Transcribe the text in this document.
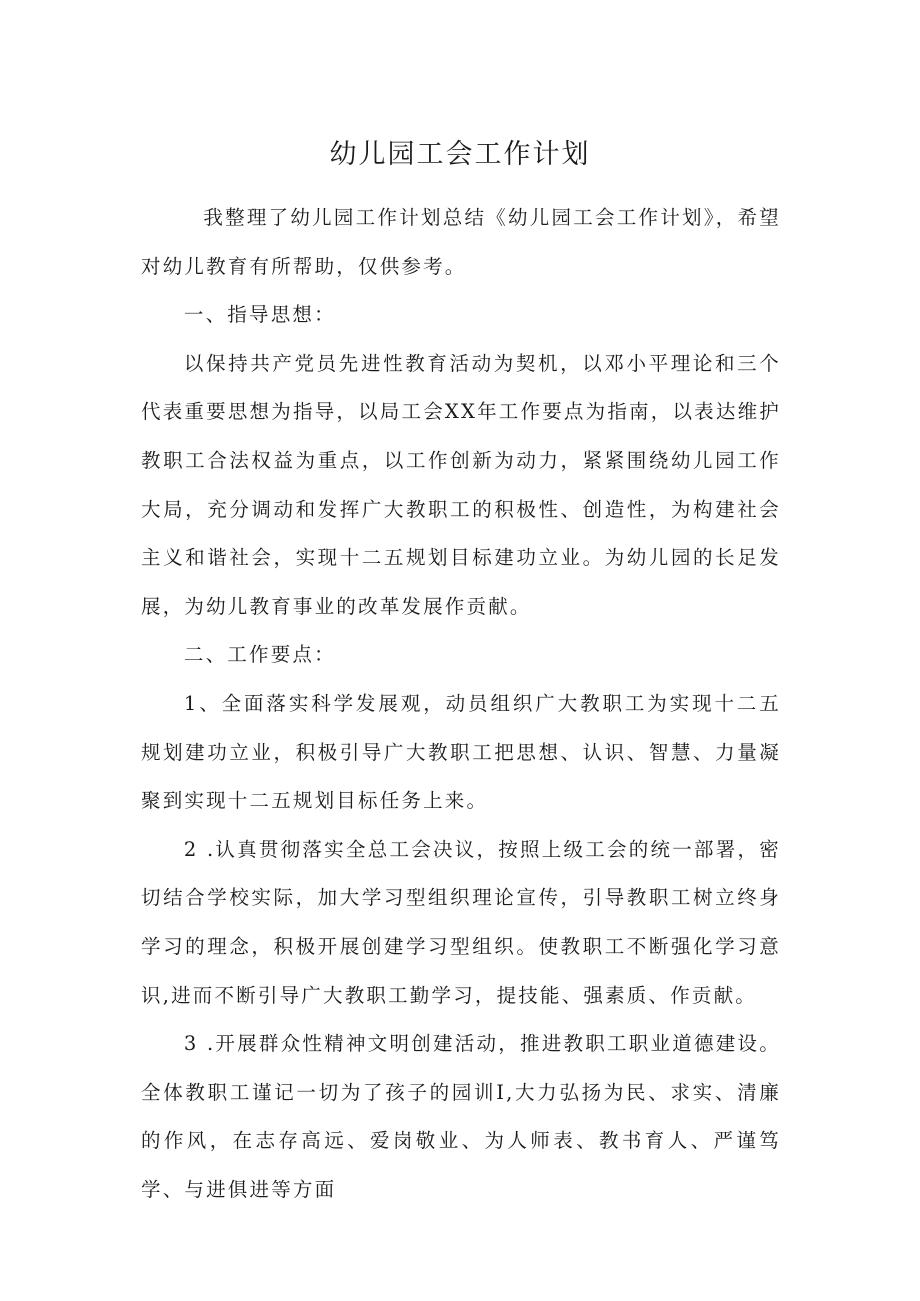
幼儿园工会工作计划

我整理了幼儿园工作计划总结《幼儿园工会工作计划》，希望对幼儿教育有所帮助，仅供参考。

一、指导思想：

以保持共产党员先进性教育活动为契机，以邓小平理论和三个代表重要思想为指导，以局工会XX年工作要点为指南，以表达维护教职工合法权益为重点，以工作创新为动力，紧紧围绕幼儿园工作大局，充分调动和发挥广大教职工的积极性、创造性，为构建社会主义和谐社会，实现十二五规划目标建功立业。为幼儿园的长足发展，为幼儿教育事业的改革发展作贡献。

二、工作要点：

1、全面落实科学发展观，动员组织广大教职工为实现十二五规划建功立业，积极引导广大教职工把思想、认识、智慧、力量凝聚到实现十二五规划目标任务上来。

2 .认真贯彻落实全总工会决议，按照上级工会的统一部署，密切结合学校实际，加大学习型组织理论宣传，引导教职工树立终身学习的理念，积极开展创建学习型组织。使教职工不断强化学习意识,进而不断引导广大教职工勤学习，提技能、强素质、作贡献。

3 .开展群众性精神文明创建活动，推进教职工职业道德建设。全体教职工谨记一切为了孩子的园训I,大力弘扬为民、求实、清廉的作风，在志存高远、爱岗敬业、为人师表、教书育人、严谨笃学、与进俱进等方面
